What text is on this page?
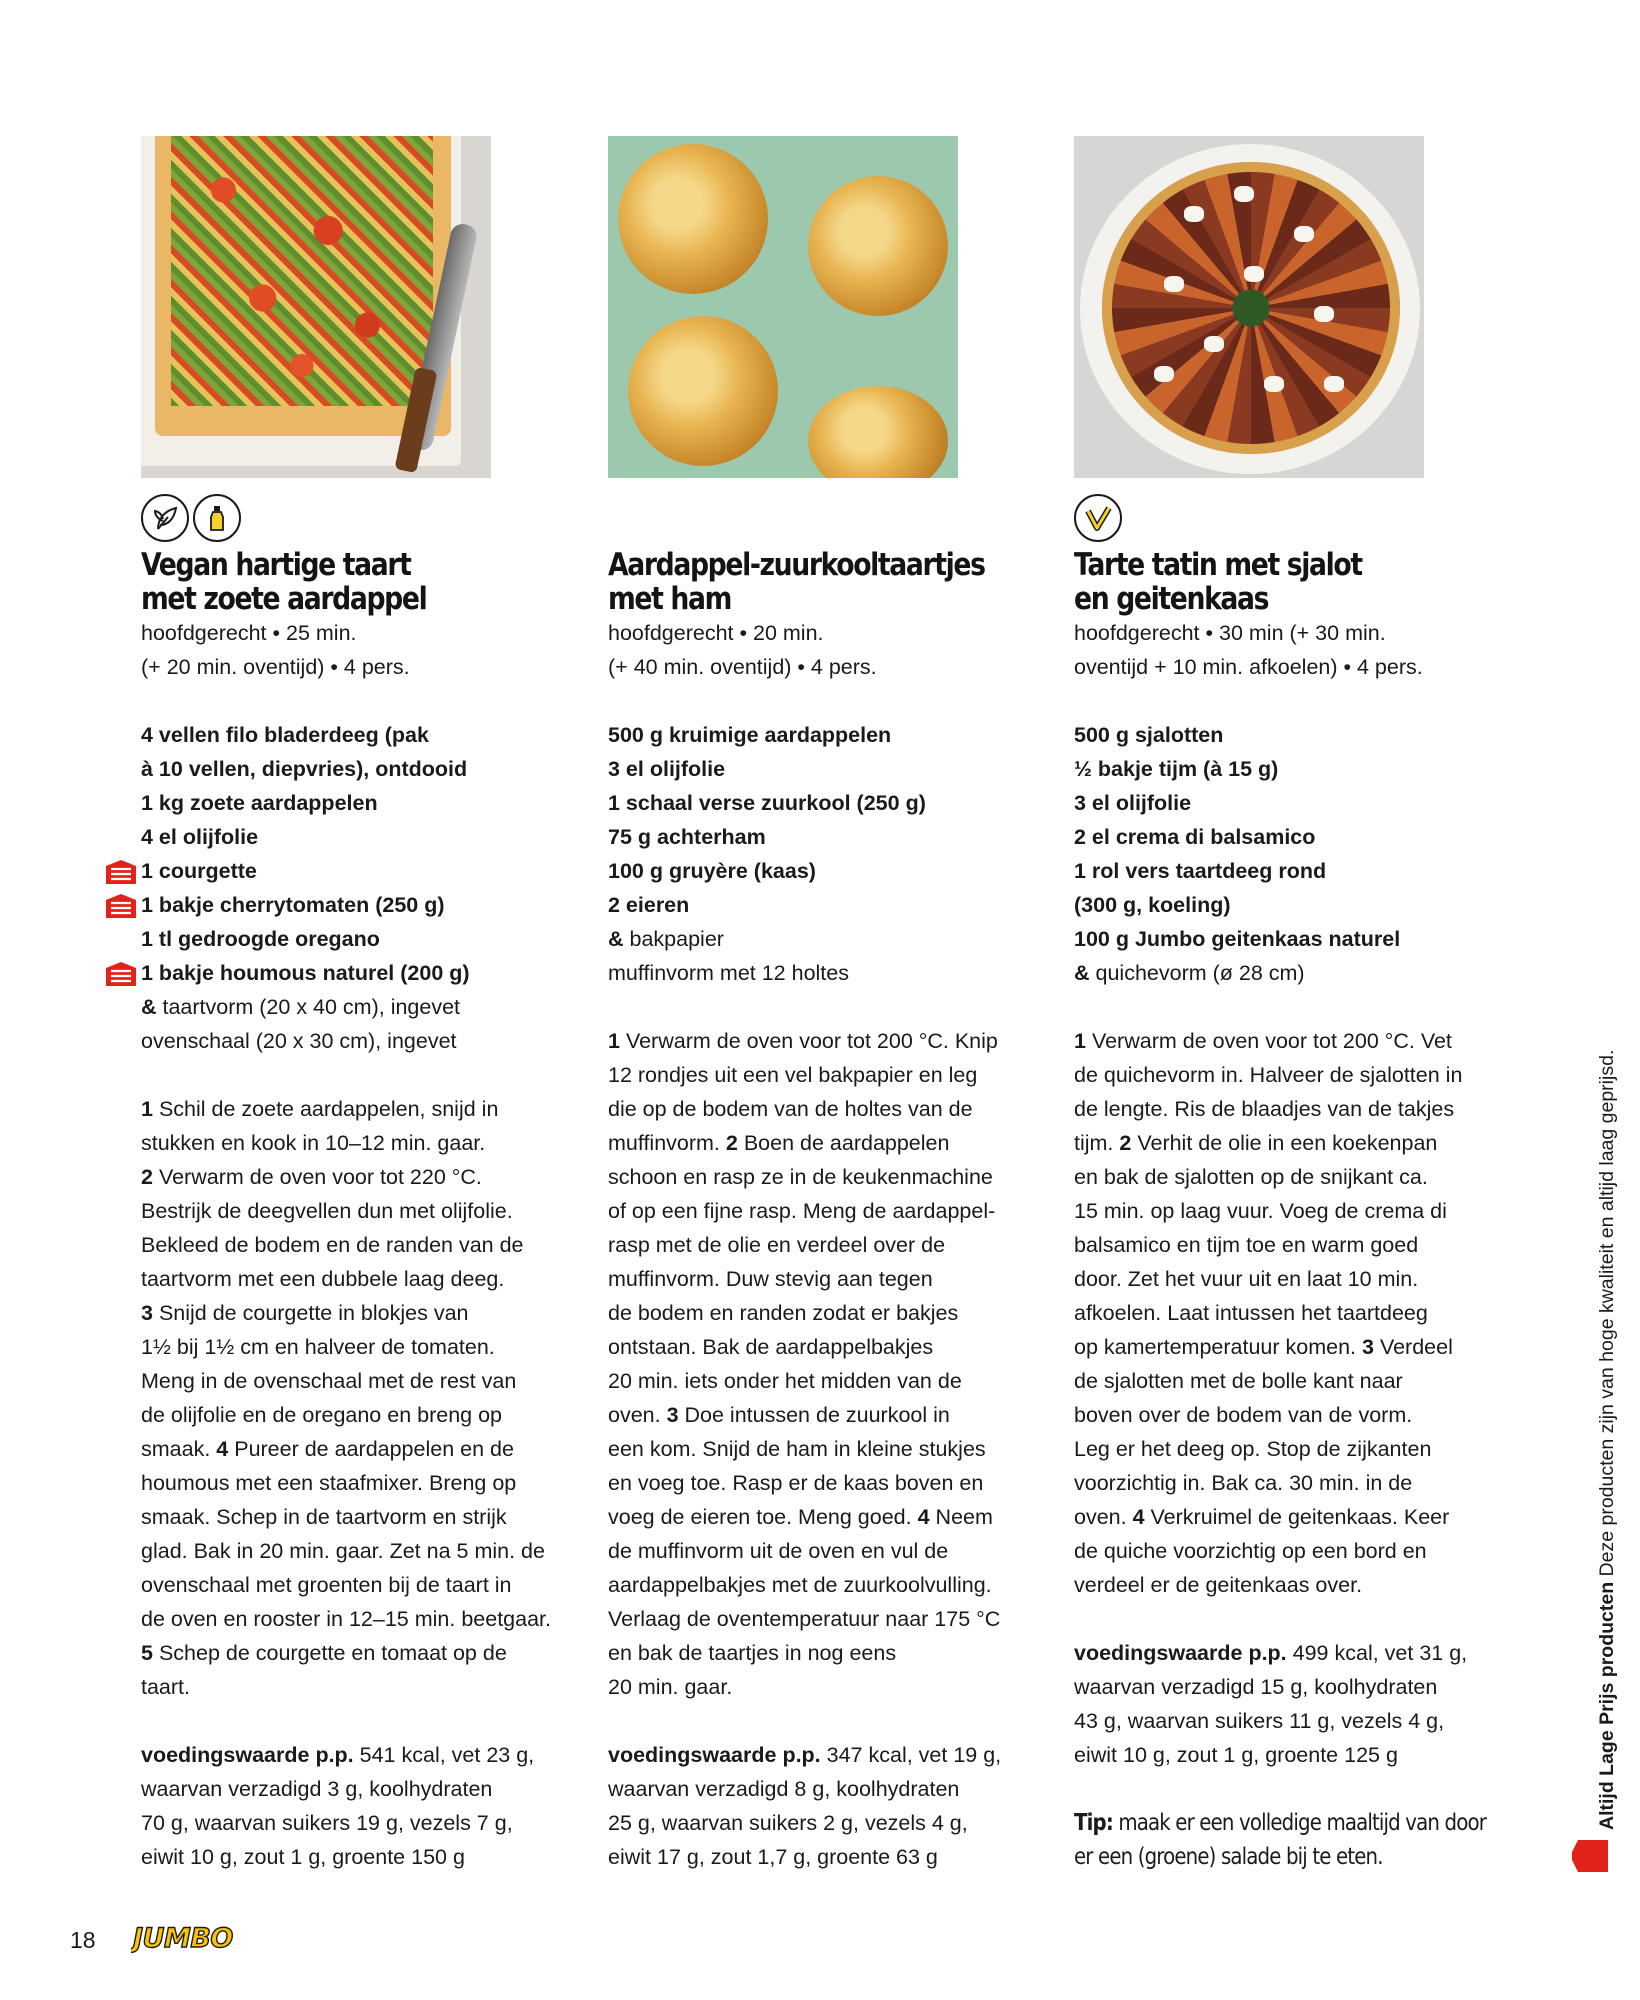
Vegan hartige taart
met zoete aardappel
hoofdgerecht • 25 min.
(+ 20 min. oventijd) • 4 pers.
4 vellen filo bladerdeeg (pak
à 10 vellen, diepvries), ontdooid
1 kg zoete aardappelen
4 el olijfolie
1 courgette
1 bakje cherrytomaten (250 g)
1 tl gedroogde oregano
1 bakje houmous naturel (200 g)
& taartvorm (20 x 40 cm), ingevet
ovenschaal (20 x 30 cm), ingevet
1 Schil de zoete aardappelen, snijd in
stukken en kook in 10–12 min. gaar.
2 Verwarm de oven voor tot 220 °C.
Bestrijk de deegvellen dun met olijfolie.
Bekleed de bodem en de randen van de
taartvorm met een dubbele laag deeg.
3 Snijd de courgette in blokjes van
1½ bij 1½ cm en halveer de tomaten.
Meng in de ovenschaal met de rest van
de olijfolie en de oregano en breng op
smaak. 4 Pureer de aardappelen en de
houmous met een staafmixer. Breng op
smaak. Schep in de taartvorm en strijk
glad. Bak in 20 min. gaar. Zet na 5 min. de
ovenschaal met groenten bij de taart in
de oven en rooster in 12–15 min. beetgaar.
5 Schep de courgette en tomaat op de
taart.
voedingswaarde p.p. 541 kcal, vet 23 g,
waarvan verzadigd 3 g, koolhydraten
70 g, waarvan suikers 19 g, vezels 7 g,
eiwit 10 g, zout 1 g, groente 150 g
Aardappel-zuurkooltaartjes
met ham
hoofdgerecht • 20 min.
(+ 40 min. oventijd) • 4 pers.
500 g kruimige aardappelen
3 el olijfolie
1 schaal verse zuurkool (250 g)
75 g achterham
100 g gruyère (kaas)
2 eieren
& bakpapier
muffinvorm met 12 holtes
1 Verwarm de oven voor tot 200 °C. Knip
12 rondjes uit een vel bakpapier en leg
die op de bodem van de holtes van de
muffinvorm. 2 Boen de aardappelen
schoon en rasp ze in de keukenmachine
of op een fijne rasp. Meng de aardappel-
rasp met de olie en verdeel over de
muffinvorm. Duw stevig aan tegen
de bodem en randen zodat er bakjes
ontstaan. Bak de aardappelbakjes
20 min. iets onder het midden van de
oven. 3 Doe intussen de zuurkool in
een kom. Snijd de ham in kleine stukjes
en voeg toe. Rasp er de kaas boven en
voeg de eieren toe. Meng goed. 4 Neem
de muffinvorm uit de oven en vul de
aardappelbakjes met de zuurkoolvulling.
Verlaag de oventemperatuur naar 175 °C
en bak de taartjes in nog eens
20 min. gaar.
voedingswaarde p.p. 347 kcal, vet 19 g,
waarvan verzadigd 8 g, koolhydraten
25 g, waarvan suikers 2 g, vezels 4 g,
eiwit 17 g, zout 1,7 g, groente 63 g
Tarte tatin met sjalot
en geitenkaas
hoofdgerecht • 30 min (+ 30 min.
oventijd + 10 min. afkoelen) • 4 pers.
500 g sjalotten
½ bakje tijm (à 15 g)
3 el olijfolie
2 el crema di balsamico
1 rol vers taartdeeg rond
(300 g, koeling)
100 g Jumbo geitenkaas naturel
& quichevorm (ø 28 cm)
1 Verwarm de oven voor tot 200 °C. Vet
de quichevorm in. Halveer de sjalotten in
de lengte. Ris de blaadjes van de takjes
tijm. 2 Verhit de olie in een koekenpan
en bak de sjalotten op de snijkant ca.
15 min. op laag vuur. Voeg de crema di
balsamico en tijm toe en warm goed
door. Zet het vuur uit en laat 10 min.
afkoelen. Laat intussen het taartdeeg
op kamertemperatuur komen. 3 Verdeel
de sjalotten met de bolle kant naar
boven over de bodem van de vorm.
Leg er het deeg op. Stop de zijkanten
voorzichtig in. Bak ca. 30 min. in de
oven. 4 Verkruimel de geitenkaas. Keer
de quiche voorzichtig op een bord en
verdeel er de geitenkaas over.
voedingswaarde p.p. 499 kcal, vet 31 g,
waarvan verzadigd 15 g, koolhydraten
43 g, waarvan suikers 11 g, vezels 4 g,
eiwit 10 g, zout 1 g, groente 125 g
Tip: maak er een volledige maaltijd van door
er een (groene) salade bij te eten.
Altijd Lage Prijs producten Deze producten zijn van hoge kwaliteit en altijd laag geprijsd.
18 JUMBO
